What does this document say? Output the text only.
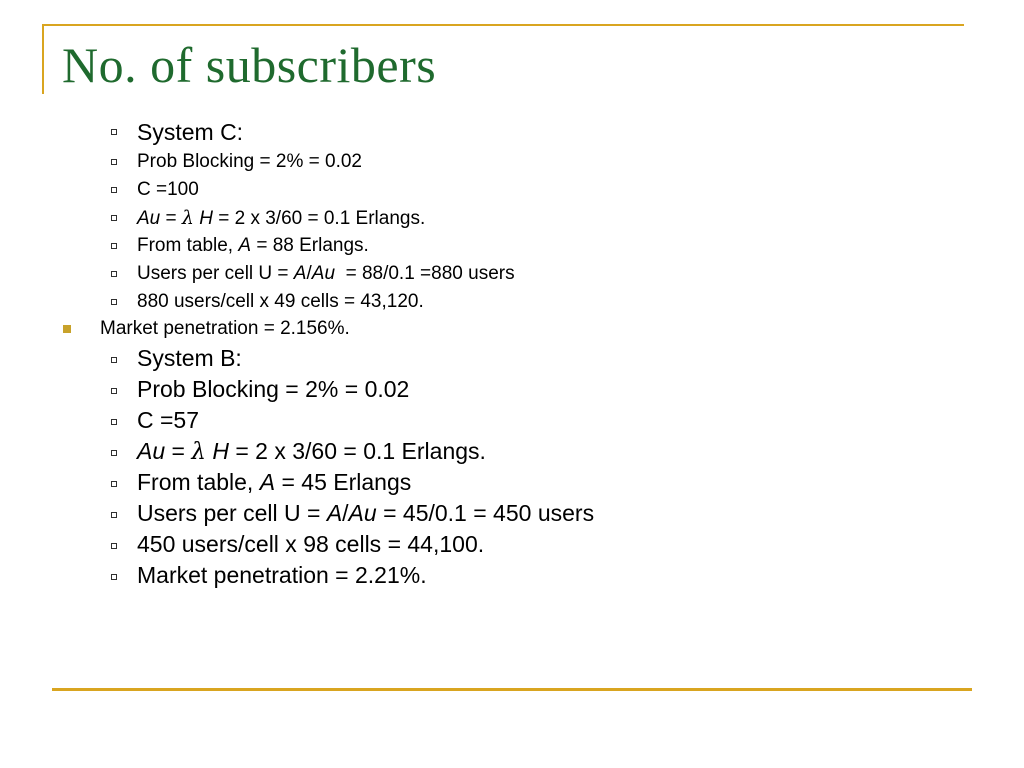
No. of subscribers
System C:
Prob Blocking = 2% = 0.02
C =100
Au = λ H = 2 x 3/60 = 0.1 Erlangs.
From table, A = 88 Erlangs.
Users per cell U = A/Au  = 88/0.1 =880 users
880 users/cell x 49 cells = 43,120.
Market penetration = 2.156%.
System B:
Prob Blocking = 2% = 0.02
C =57
Au = λ H = 2 x 3/60 = 0.1 Erlangs.
From table, A = 45 Erlangs
Users per cell U = A/Au = 45/0.1 = 450 users
450 users/cell x 98 cells = 44,100.
Market penetration = 2.21%.
